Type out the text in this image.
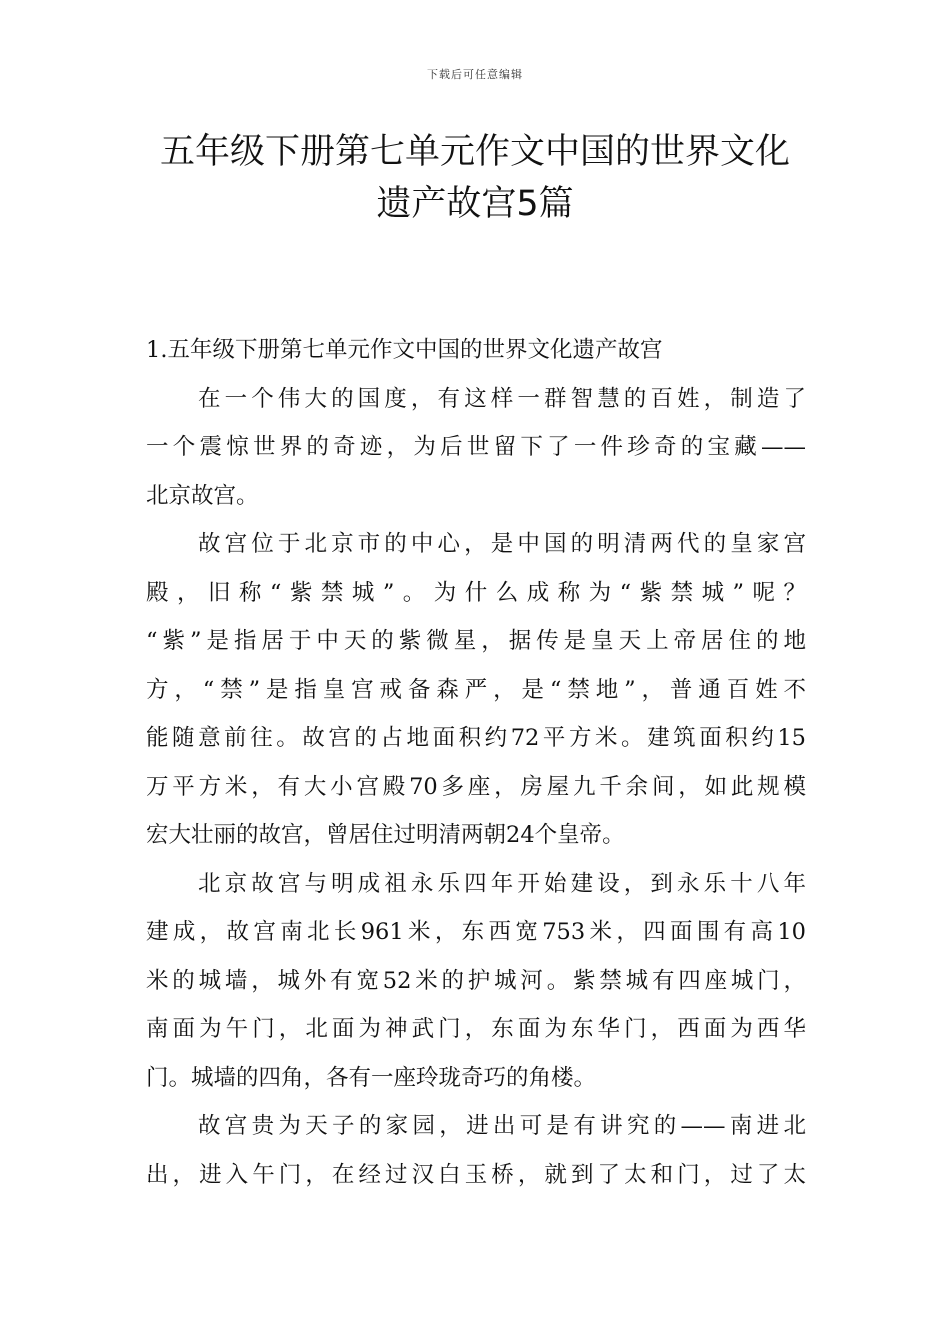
下载后可任意编辑
五年级下册第七单元作文中国的世界文化
遗产故宫5篇

1.五年级下册第七单元作文中国的世界文化遗产故宫

在一个伟大的国度，有这样一群智慧的百姓，制造了
一个震惊世界的奇迹，为后世留下了一件珍奇的宝藏——
北京故宫。

故宫位于北京市的中心，是中国的明清两代的皇家宫
殿，旧称“紫禁城”。为什么成称为“紫禁城”呢？
“紫”是指居于中天的紫微星，据传是皇天上帝居住的地
方，“禁”是指皇宫戒备森严，是“禁地”，普通百姓不
能随意前往。故宫的占地面积约72平方米。建筑面积约15
万平方米，有大小宫殿70多座，房屋九千余间，如此规模
宏大壮丽的故宫，曾居住过明清两朝24个皇帝。

北京故宫与明成祖永乐四年开始建设，到永乐十八年
建成，故宫南北长961米，东西宽753米，四面围有高10
米的城墙，城外有宽52米的护城河。紫禁城有四座城门，
南面为午门，北面为神武门，东面为东华门，西面为西华
门。城墙的四角，各有一座玲珑奇巧的角楼。

故宫贵为天子的家园，进出可是有讲究的——南进北
出，进入午门，在经过汉白玉桥，就到了太和门，过了太
